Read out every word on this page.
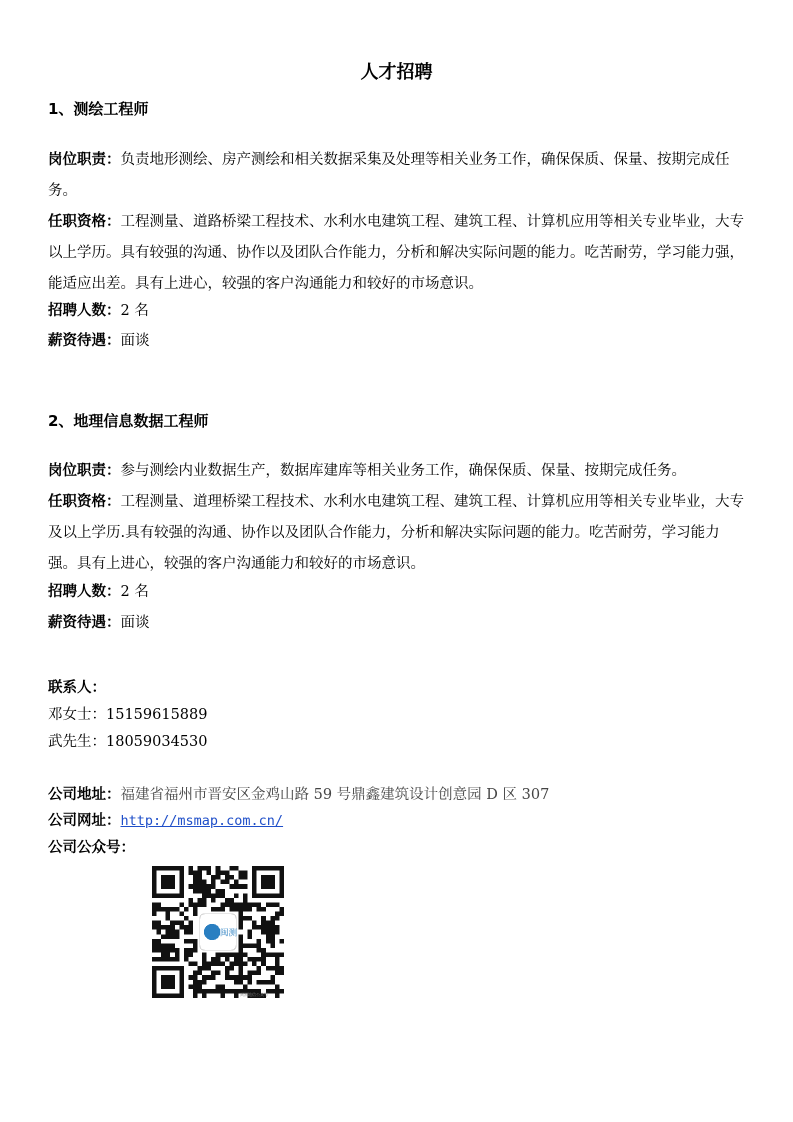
人才招聘
1、测绘工程师

岗位职责：负责地形测绘、房产测绘和相关数据采集及处理等相关业务工作，确保保质、保量、按期完成任务。

任职资格：工程测量、道路桥梁工程技术、水利水电建筑工程、建筑工程、计算机应用等相关专业毕业，大专以上学历。具有较强的沟通、协作以及团队合作能力，分析和解决实际问题的能力。吃苦耐劳，学习能力强，能适应出差。具有上进心，较强的客户沟通能力和较好的市场意识。

招聘人数：2 名
薪资待遇：面谈
2、地理信息数据工程师

岗位职责：参与测绘内业数据生产，数据库建库等相关业务工作，确保保质、保量、按期完成任务。

任职资格：工程测量、道理桥梁工程技术、水利水电建筑工程、建筑工程、计算机应用等相关专业毕业，大专及以上学历.具有较强的沟通、协作以及团队合作能力，分析和解决实际问题的能力。吃苦耐劳，学习能力强。具有上进心，较强的客户沟通能力和较好的市场意识。

招聘人数：2 名
薪资待遇：面谈
联系人：
邓女士：15159615889
武先生：18059034530
公司地址：福建省福州市晋安区金鸡山路 59 号鼎鑫建筑设计创意园 D 区 307
公司网址：http://msmap.com.cn/
公司公众号：
闽测
闽测地信公众号
